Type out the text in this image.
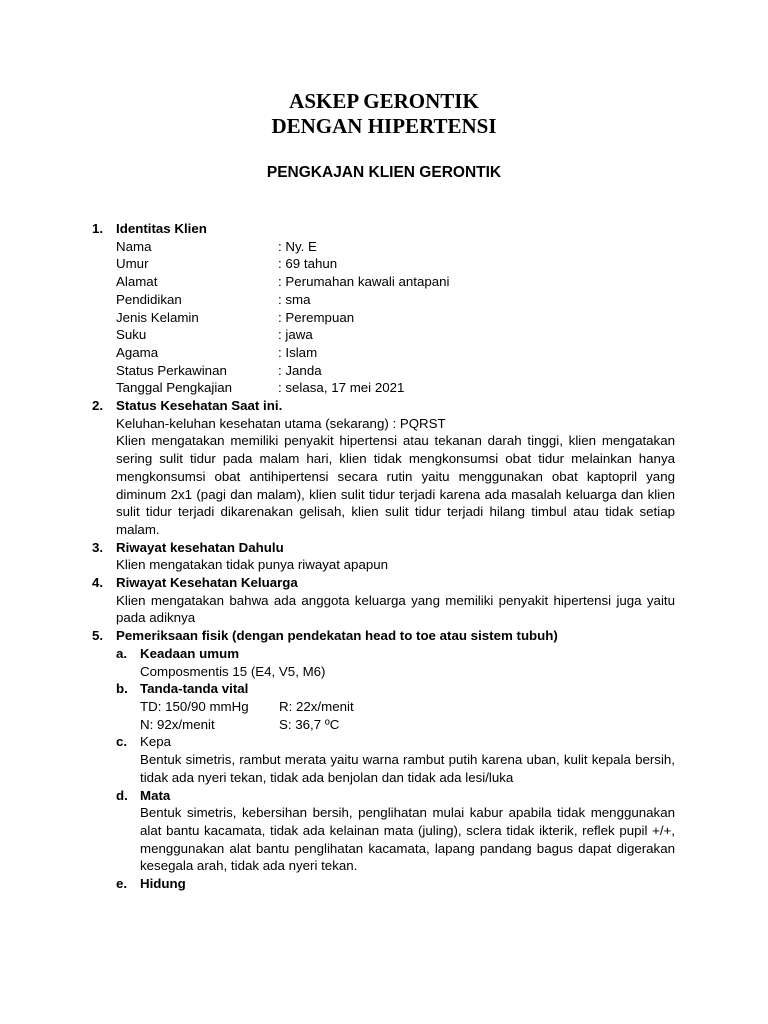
ASKEP GERONTIK
DENGAN HIPERTENSI
PENGKAJAN KLIEN GERONTIK
1. Identitas Klien
Nama	: Ny. E
Umur	: 69 tahun
Alamat	: Perumahan kawali antapani
Pendidikan	: sma
Jenis Kelamin	: Perempuan
Suku	: jawa
Agama	: Islam
Status Perkawinan	: Janda
Tanggal Pengkajian	: selasa, 17 mei 2021
2. Status Kesehatan Saat ini.
Keluhan-keluhan kesehatan utama (sekarang) : PQRST
Klien mengatakan memiliki penyakit hipertensi atau tekanan darah tinggi, klien mengatakan sering sulit tidur pada malam hari, klien tidak mengkonsumsi obat tidur melainkan hanya mengkonsumsi obat antihipertensi secara rutin yaitu menggunakan obat kaptopril yang diminum 2x1 (pagi dan malam), klien sulit tidur terjadi karena ada masalah keluarga dan klien sulit tidur terjadi dikarenakan gelisah, klien sulit tidur terjadi hilang timbul atau tidak setiap malam.
3. Riwayat kesehatan Dahulu
Klien mengatakan tidak punya riwayat apapun
4. Riwayat Kesehatan Keluarga
Klien mengatakan bahwa ada anggota keluarga yang memiliki penyakit hipertensi juga yaitu pada adiknya
5. Pemeriksaan fisik (dengan pendekatan head to toe atau sistem tubuh)
a. Keadaan umum
Composmentis 15 (E4, V5, M6)
b. Tanda-tanda vital
TD: 150/90 mmHg	R: 22x/menit
N: 92x/menit	S: 36,7 ºC
c. Kepa
Bentuk simetris, rambut merata yaitu warna rambut putih karena uban, kulit kepala bersih, tidak ada nyeri tekan, tidak ada benjolan dan tidak ada lesi/luka
d. Mata
Bentuk simetris, kebersihan bersih, penglihatan mulai kabur apabila tidak menggunakan alat bantu kacamata, tidak ada kelainan mata (juling), sclera tidak ikterik, reflek pupil +/+, menggunakan alat bantu penglihatan kacamata, lapang pandang bagus dapat digerakan kesegala arah, tidak ada nyeri tekan.
e. Hidung
